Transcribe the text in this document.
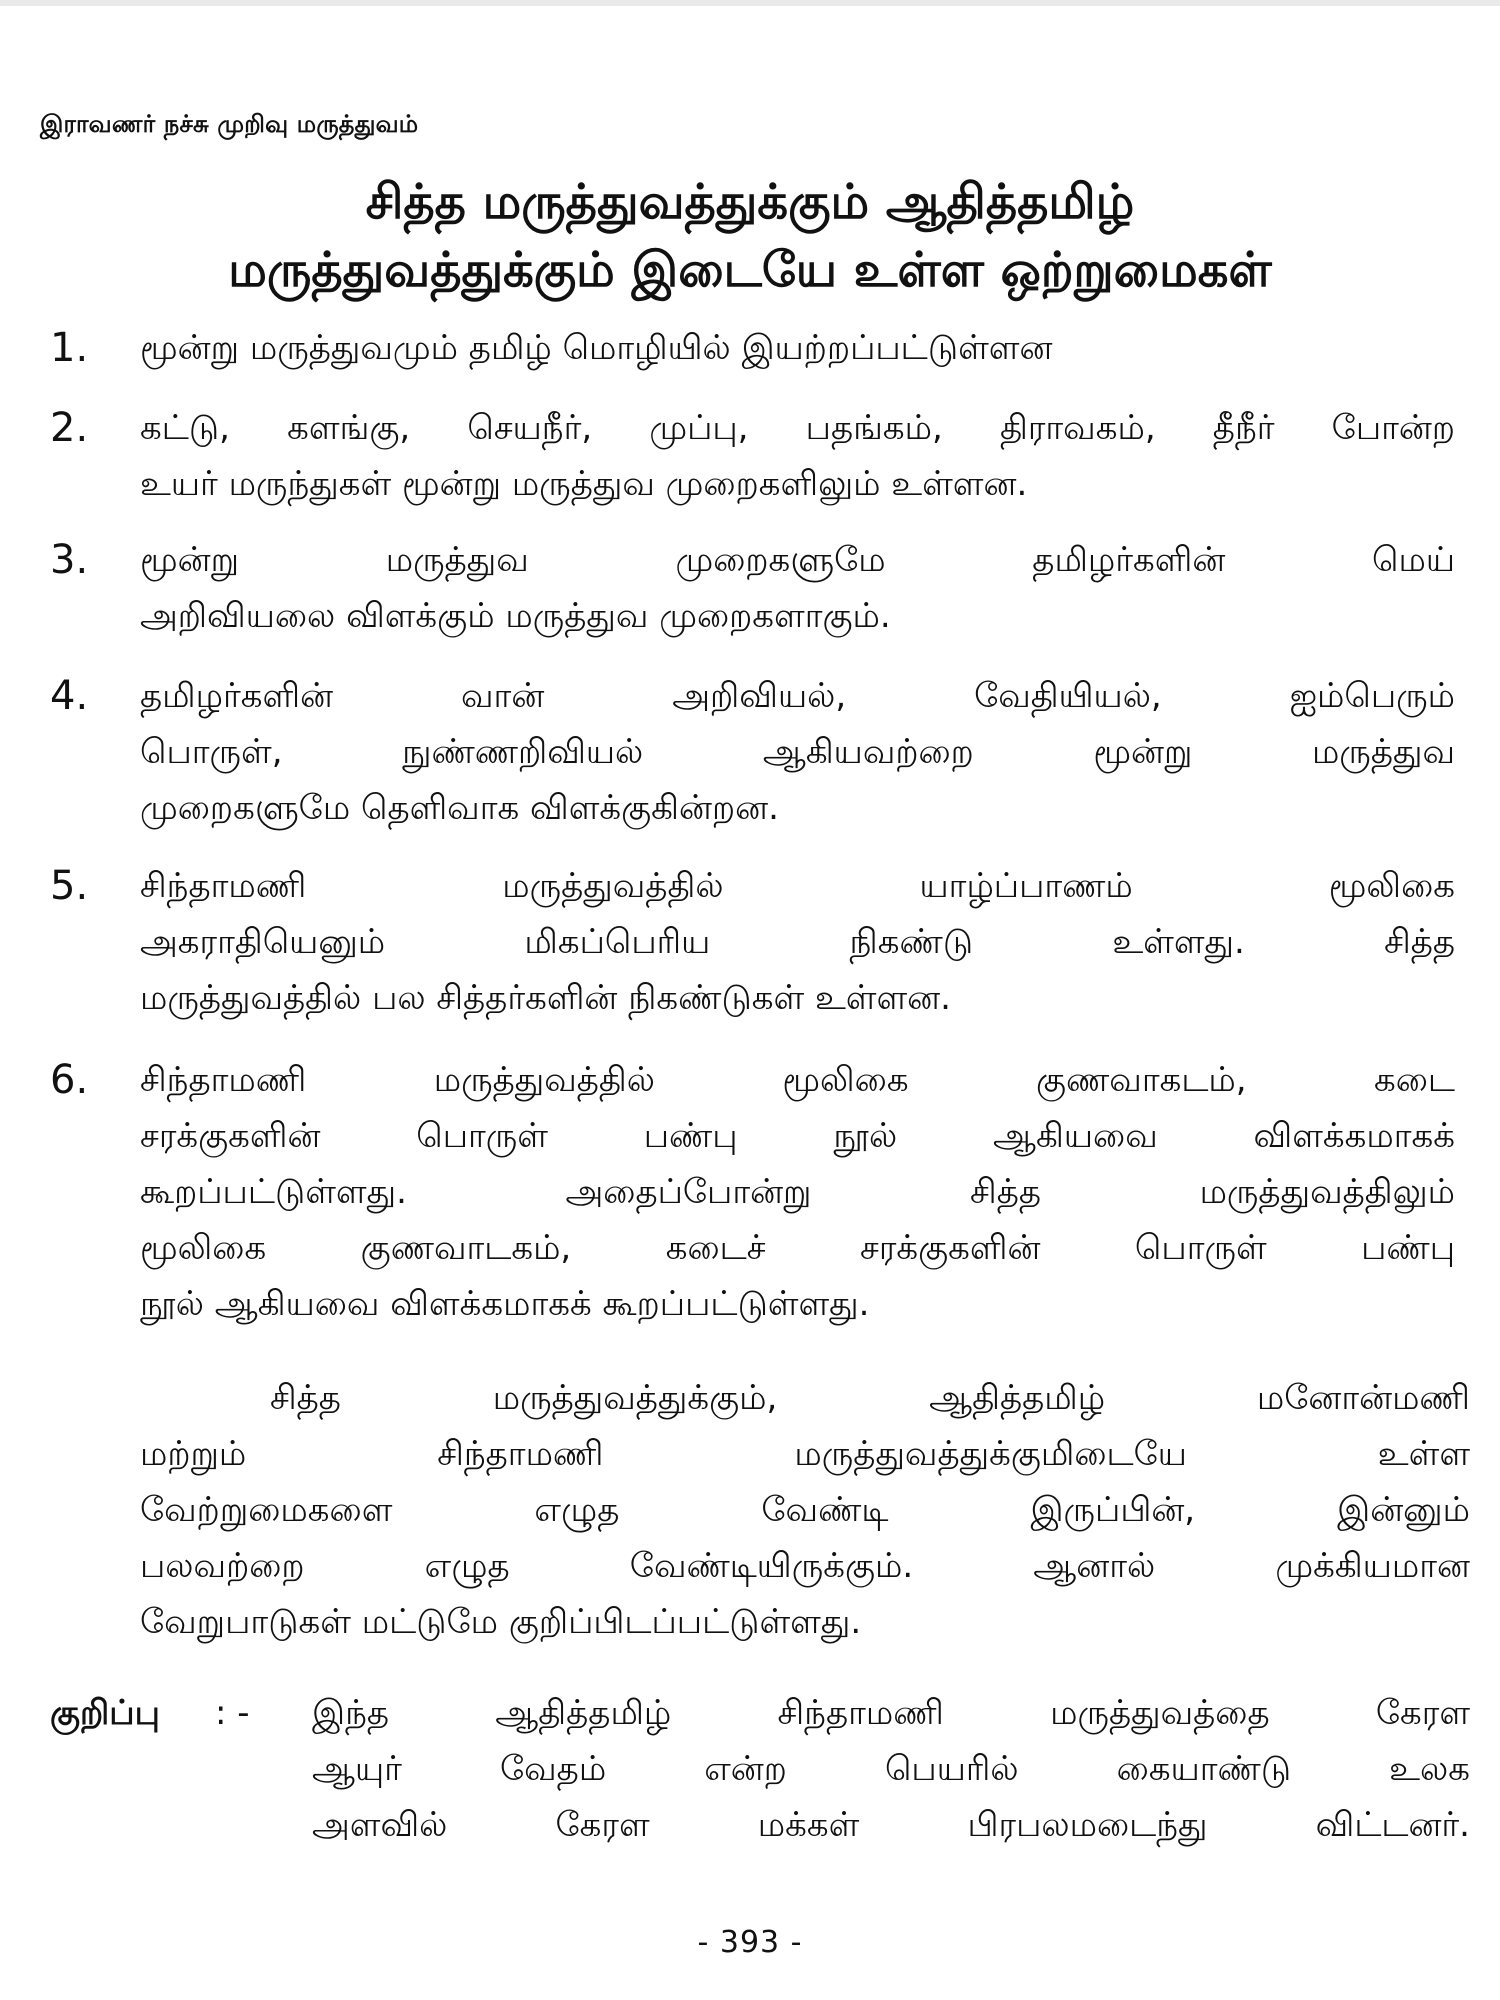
இராவணர் நச்சு முறிவு மருத்துவம்
சித்த மருத்துவத்துக்கும் ஆதித்தமிழ்
மருத்துவத்துக்கும் இடையே உள்ள ஒற்றுமைகள்
1.	மூன்று மருத்துவமும் தமிழ் மொழியில் இயற்றப்பட்டுள்ளன
2.	கட்டு, களங்கு, செயநீர், முப்பு, பதங்கம், திராவகம், தீநீர் போன்ற
உயர் மருந்துகள் மூன்று மருத்துவ முறைகளிலும் உள்ளன.
3.	மூன்று மருத்துவ முறைகளுமே தமிழர்களின் மெய்
அறிவியலை விளக்கும் மருத்துவ முறைகளாகும்.
4.	தமிழர்களின் வான் அறிவியல், வேதியியல், ஐம்பெரும்
பொருள், நுண்ணறிவியல் ஆகியவற்றை மூன்று மருத்துவ
முறைகளுமே தெளிவாக விளக்குகின்றன.
5.	சிந்தாமணி மருத்துவத்தில் யாழ்ப்பாணம் மூலிகை
அகராதியெனும் மிகப்பெரிய நிகண்டு உள்ளது. சித்த
மருத்துவத்தில் பல சித்தர்களின் நிகண்டுகள் உள்ளன.
6.	சிந்தாமணி மருத்துவத்தில் மூலிகை குணவாகடம், கடை
சரக்குகளின் பொருள் பண்பு நூல் ஆகியவை விளக்கமாகக்
கூறப்பட்டுள்ளது. அதைப்போன்று சித்த மருத்துவத்திலும்
மூலிகை குணவாடகம், கடைச் சரக்குகளின் பொருள் பண்பு
நூல் ஆகியவை விளக்கமாகக் கூறப்பட்டுள்ளது.
சித்த மருத்துவத்துக்கும், ஆதித்தமிழ் மனோன்மணி
மற்றும் சிந்தாமணி மருத்துவத்துக்குமிடையே உள்ள
வேற்றுமைகளை எழுத வேண்டி இருப்பின், இன்னும்
பலவற்றை எழுத வேண்டியிருக்கும். ஆனால் முக்கியமான
வேறுபாடுகள் மட்டுமே குறிப்பிடப்பட்டுள்ளது.
குறிப்பு : - இந்த ஆதித்தமிழ் சிந்தாமணி மருத்துவத்தை கேரள
ஆயுர் வேதம் என்ற பெயரில் கையாண்டு உலக
அளவில் கேரள மக்கள் பிரபலமடைந்து விட்டனர்.
- 393 -
